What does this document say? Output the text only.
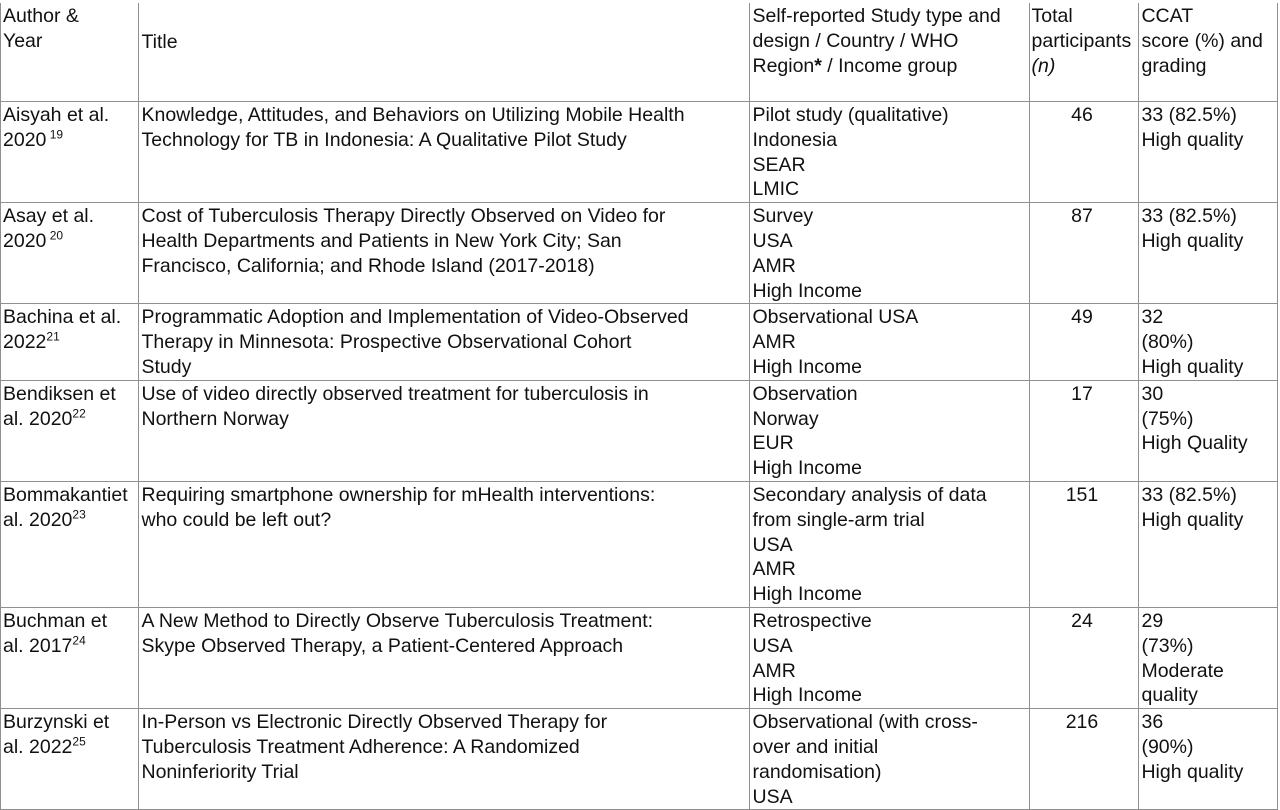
Author &
Year	Title	Self-reported Study type and
design / Country / WHO
Region* / Income group	Total
participants
(n)	CCAT
score (%) and
grading

Aisyah et al.
2020 $^{19}$	Knowledge, Attitudes, and Behaviors on Utilizing Mobile Health
Technology for TB in Indonesia: A Qualitative Pilot Study	Pilot study (qualitative)
Indonesia
SEAR
LMIC	46	33 (82.5%)
High quality

Asay et al.
2020 $^{20}$	Cost of Tuberculosis Therapy Directly Observed on Video for
Health Departments and Patients in New York City; San
Francisco, California; and Rhode Island (2017-2018)	Survey
USA
AMR
High Income	87	33 (82.5%)
High quality

Bachina et al.
2022$^{21}$	Programmatic Adoption and Implementation of Video-Observed
Therapy in Minnesota: Prospective Observational Cohort
Study	Observational USA
AMR
High Income	49	32
(80%)
High quality

Bendiksen et
al. 2020$^{22}$	Use of video directly observed treatment for tuberculosis in
Northern Norway	Observation
Norway
EUR
High Income	17	30
(75%)
High Quality

Bommakantiet
al. 2020$^{23}$	Requiring smartphone ownership for mHealth interventions:
who could be left out?	Secondary analysis of data
from single-arm trial
USA
AMR
High Income	151	33 (82.5%)
High quality

Buchman et
al. 2017$^{24}$	A New Method to Directly Observe Tuberculosis Treatment:
Skype Observed Therapy, a Patient-Centered Approach	Retrospective
USA
AMR
High Income	24	29
(73%)
Moderate
quality

Burzynski et
al. 2022$^{25}$	In-Person vs Electronic Directly Observed Therapy for
Tuberculosis Treatment Adherence: A Randomized
Noninferiority Trial	Observational (with cross-
over and initial
randomisation)
USA	216	36
(90%)
High quality
